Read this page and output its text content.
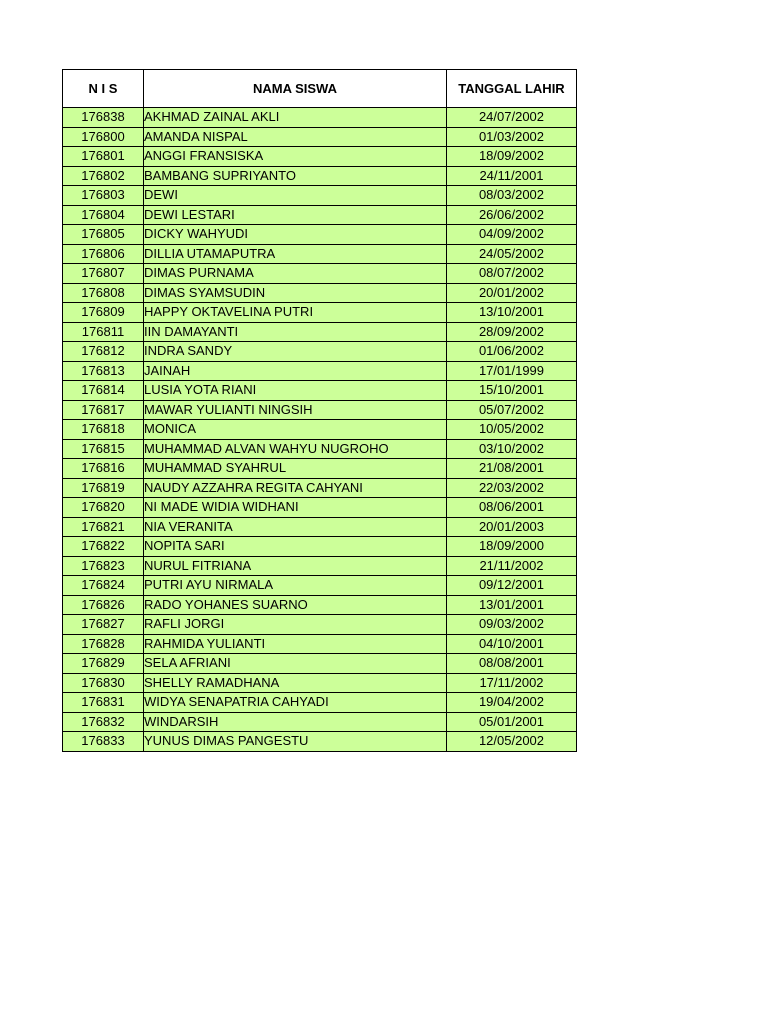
N I S	NAMA SISWA	TANGGAL LAHIR
176838	AKHMAD ZAINAL AKLI	24/07/2002
176800	AMANDA NISPAL	01/03/2002
176801	ANGGI FRANSISKA	18/09/2002
176802	BAMBANG SUPRIYANTO	24/11/2001
176803	DEWI	08/03/2002
176804	DEWI LESTARI	26/06/2002
176805	DICKY WAHYUDI	04/09/2002
176806	DILLIA UTAMAPUTRA	24/05/2002
176807	DIMAS PURNAMA	08/07/2002
176808	DIMAS SYAMSUDIN	20/01/2002
176809	HAPPY OKTAVELINA PUTRI	13/10/2001
176811	IIN DAMAYANTI	28/09/2002
176812	INDRA SANDY	01/06/2002
176813	JAINAH	17/01/1999
176814	LUSIA YOTA RIANI	15/10/2001
176817	MAWAR YULIANTI NINGSIH	05/07/2002
176818	MONICA	10/05/2002
176815	MUHAMMAD ALVAN WAHYU NUGROHO	03/10/2002
176816	MUHAMMAD SYAHRUL	21/08/2001
176819	NAUDY AZZAHRA REGITA CAHYANI	22/03/2002
176820	NI MADE WIDIA WIDHANI	08/06/2001
176821	NIA VERANITA	20/01/2003
176822	NOPITA SARI	18/09/2000
176823	NURUL FITRIANA	21/11/2002
176824	PUTRI AYU NIRMALA	09/12/2001
176826	RADO YOHANES SUARNO	13/01/2001
176827	RAFLI JORGI	09/03/2002
176828	RAHMIDA YULIANTI	04/10/2001
176829	SELA AFRIANI	08/08/2001
176830	SHELLY RAMADHANA	17/11/2002
176831	WIDYA SENAPATRIA CAHYADI	19/04/2002
176832	WINDARSIH	05/01/2001
176833	YUNUS DIMAS PANGESTU	12/05/2002
